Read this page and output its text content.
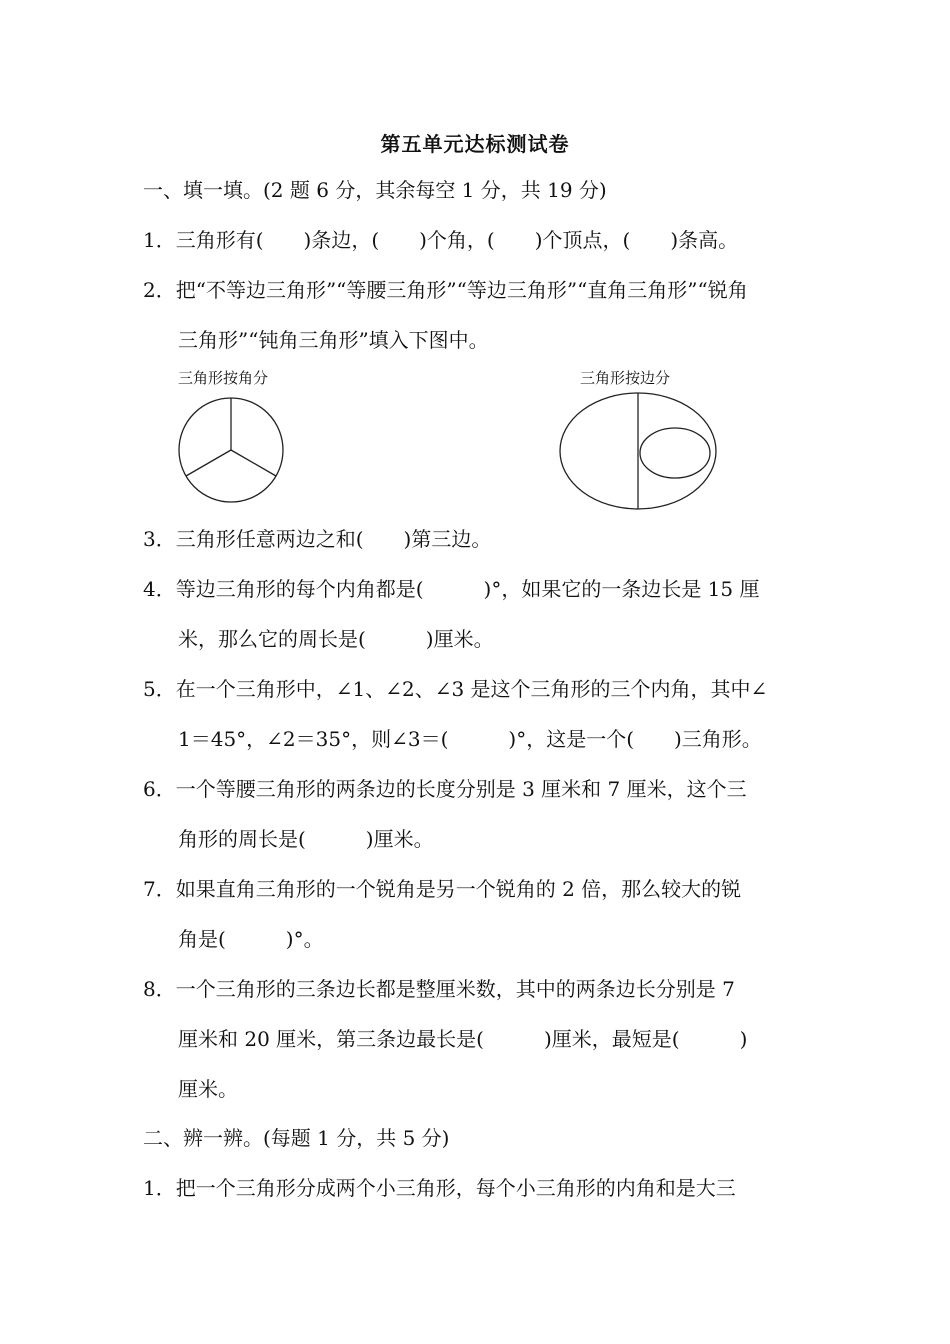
第五单元达标测试卷
一、填一填。(2 题 6 分，其余每空 1 分，共 19 分)
1．三角形有(　　)条边，(　　)个角，(　　)个顶点，(　　)条高。
2．把“不等边三角形”“等腰三角形”“等边三角形”“直角三角形”“锐角
三角形”“钝角三角形”填入下图中。
三角形按角分	三角形按边分
3．三角形任意两边之和(　　)第三边。
4．等边三角形的每个内角都是(　　　)°，如果它的一条边长是 15 厘
米，那么它的周长是(　　　)厘米。
5．在一个三角形中，∠1、∠2、∠3 是这个三角形的三个内角，其中∠
1＝45°，∠2＝35°，则∠3＝(　　　)°，这是一个(　　)三角形。
6．一个等腰三角形的两条边的长度分别是 3 厘米和 7 厘米，这个三
角形的周长是(　　　)厘米。
7．如果直角三角形的一个锐角是另一个锐角的 2 倍，那么较大的锐
角是(　　　)°。
8．一个三角形的三条边长都是整厘米数，其中的两条边长分别是 7
厘米和 20 厘米，第三条边最长是(　　　)厘米，最短是(　　　)
厘米。
二、辨一辨。(每题 1 分，共 5 分)
1．把一个三角形分成两个小三角形，每个小三角形的内角和是大三
